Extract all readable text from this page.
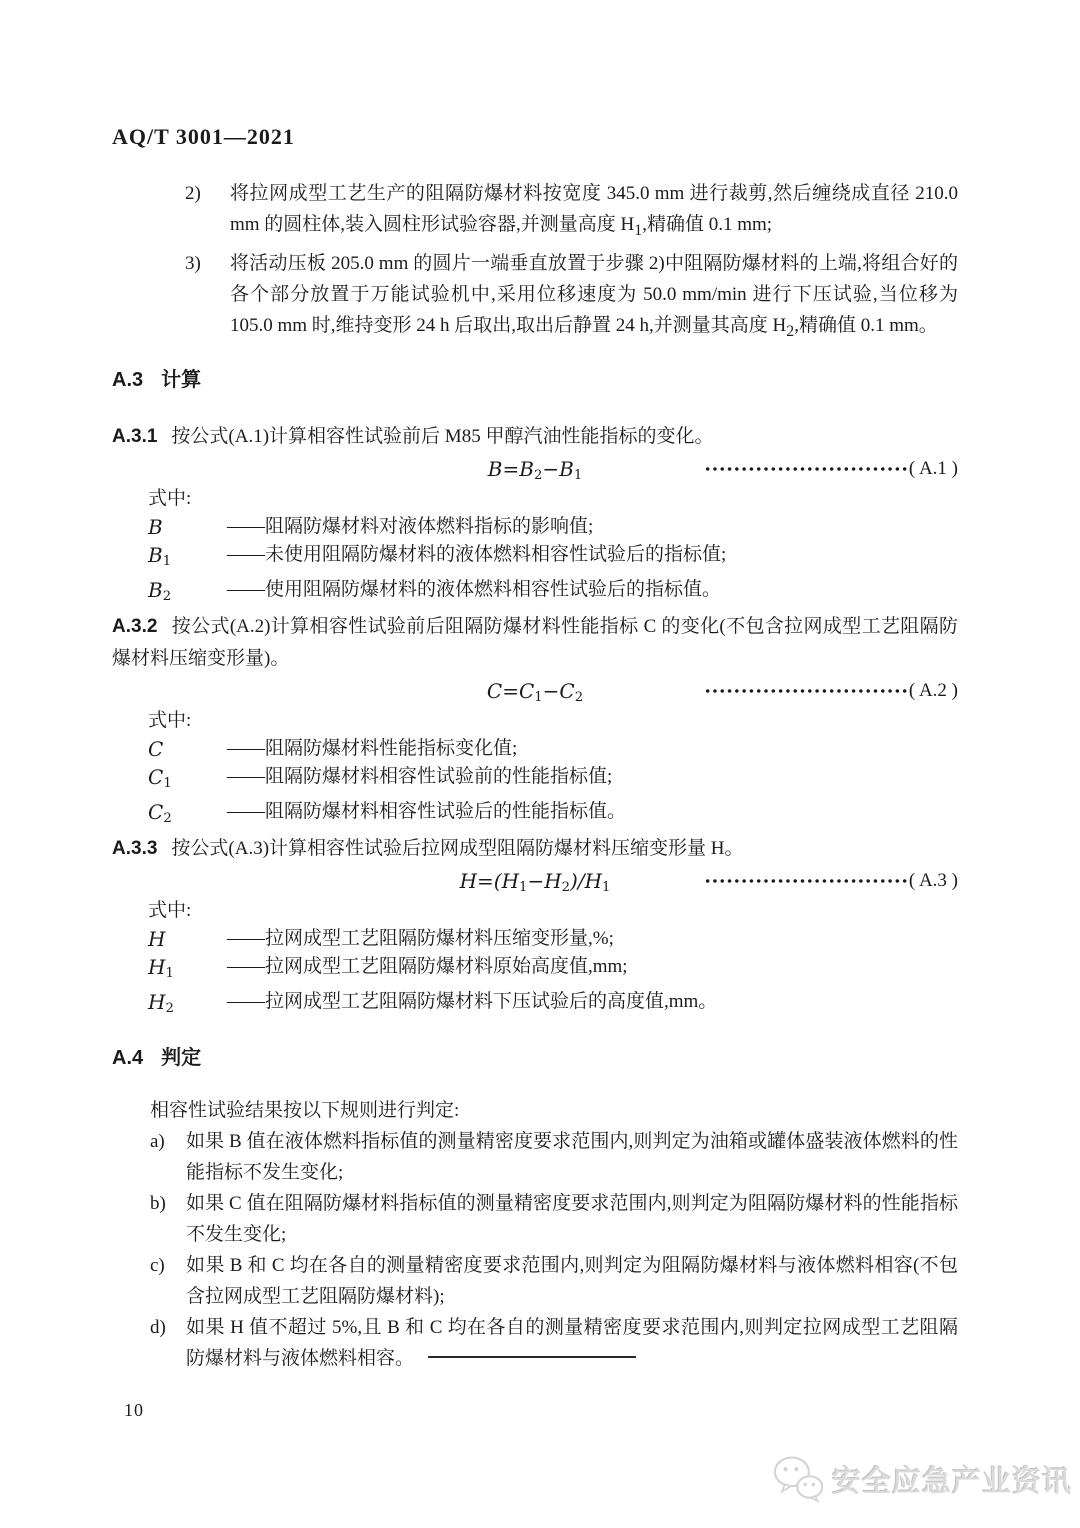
AQ/T 3001—2021
2)	将拉网成型工艺生产的阻隔防爆材料按宽度 345.0 mm 进行裁剪,然后缠绕成直径 210.0 mm 的圆柱体,装入圆柱形试验容器,并测量高度 $H_1$,精确值 0.1 mm;
3)	将活动压板 205.0 mm 的圆片一端垂直放置于步骤 2)中阻隔防爆材料的上端,将组合好的各个部分放置于万能试验机中,采用位移速度为 50.0 mm/min 进行下压试验,当位移为 105.0 mm 时,维持变形 24 h 后取出,取出后静置 24 h,并测量其高度 $H_2$,精确值 0.1 mm。
A.3 计算
A.3.1 按公式(A.1)计算相容性试验前后 M85 甲醇汽油性能指标的变化。
$B=B_2-B_1$	( A.1 )
式中:
B	——阻隔防爆材料对液体燃料指标的影响值;
$B_1$	——未使用阻隔防爆材料的液体燃料相容性试验后的指标值;
$B_2$	——使用阻隔防爆材料的液体燃料相容性试验后的指标值。
A.3.2 按公式(A.2)计算相容性试验前后阻隔防爆材料性能指标 C 的变化(不包含拉网成型工艺阻隔防爆材料压缩变形量)。
$C=C_1-C_2$	( A.2 )
式中:
C	——阻隔防爆材料性能指标变化值;
$C_1$	——阻隔防爆材料相容性试验前的性能指标值;
$C_2$	——阻隔防爆材料相容性试验后的性能指标值。
A.3.3 按公式(A.3)计算相容性试验后拉网成型阻隔防爆材料压缩变形量 H。
$H=(H_1-H_2)/H_1$	( A.3 )
式中:
H	——拉网成型工艺阻隔防爆材料压缩变形量,%;
$H_1$	——拉网成型工艺阻隔防爆材料原始高度值,mm;
$H_2$	——拉网成型工艺阻隔防爆材料下压试验后的高度值,mm。
A.4 判定
相容性试验结果按以下规则进行判定:
a)	如果 B 值在液体燃料指标值的测量精密度要求范围内,则判定为油箱或罐体盛装液体燃料的性能指标不发生变化;
b)	如果 C 值在阻隔防爆材料指标值的测量精密度要求范围内,则判定为阻隔防爆材料的性能指标不发生变化;
c)	如果 B 和 C 均在各自的测量精密度要求范围内,则判定为阻隔防爆材料与液体燃料相容(不包含拉网成型工艺阻隔防爆材料);
d)	如果 H 值不超过 5%,且 B 和 C 均在各自的测量精密度要求范围内,则判定拉网成型工艺阻隔防爆材料与液体燃料相容。
10
安全应急产业资讯
